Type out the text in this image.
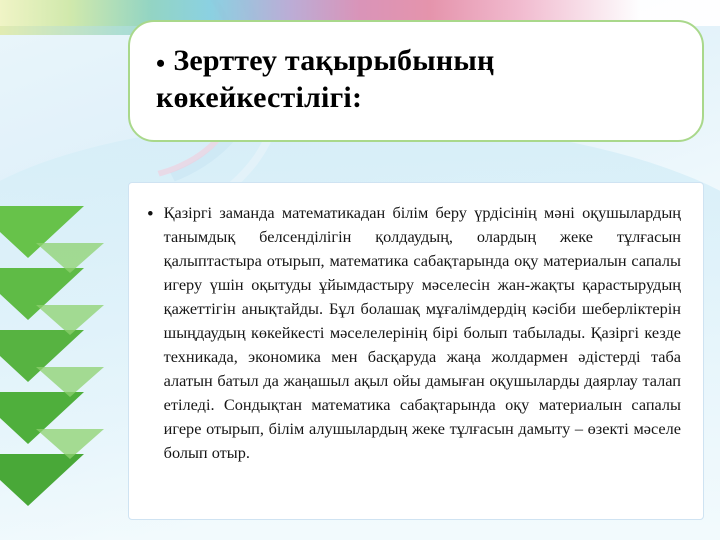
• Зерттеу тақырыбының көкейкестілігі:
• Қазіргі заманда математикадан білім беру үрдісінің мәні оқушылардың танымдық белсенділігін қолдаудың, олардың жеке тұлғасын қалыптастыра отырып, математика сабақтарында оқу материалын сапалы игеру үшін оқытуды ұйымдастыру мәселесін жан-жақты қарастырудың қажеттігін анықтайды. Бұл болашақ мұғалімдердің кәсіби шеберліктерін шыңдаудың көкейкесті мәселелерінің бірі болып табылады. Қазіргі кезде техникада, экономика мен басқаруда жаңа жолдармен әдістерді таба алатын батыл да жаңашыл ақыл ойы дамыған оқушыларды даярлау талап етіледі. Сондықтан математика сабақтарында оқу материалын сапалы игере отырып, білім алушылардың жеке тұлғасын дамыту – өзекті мәселе болып отыр.
